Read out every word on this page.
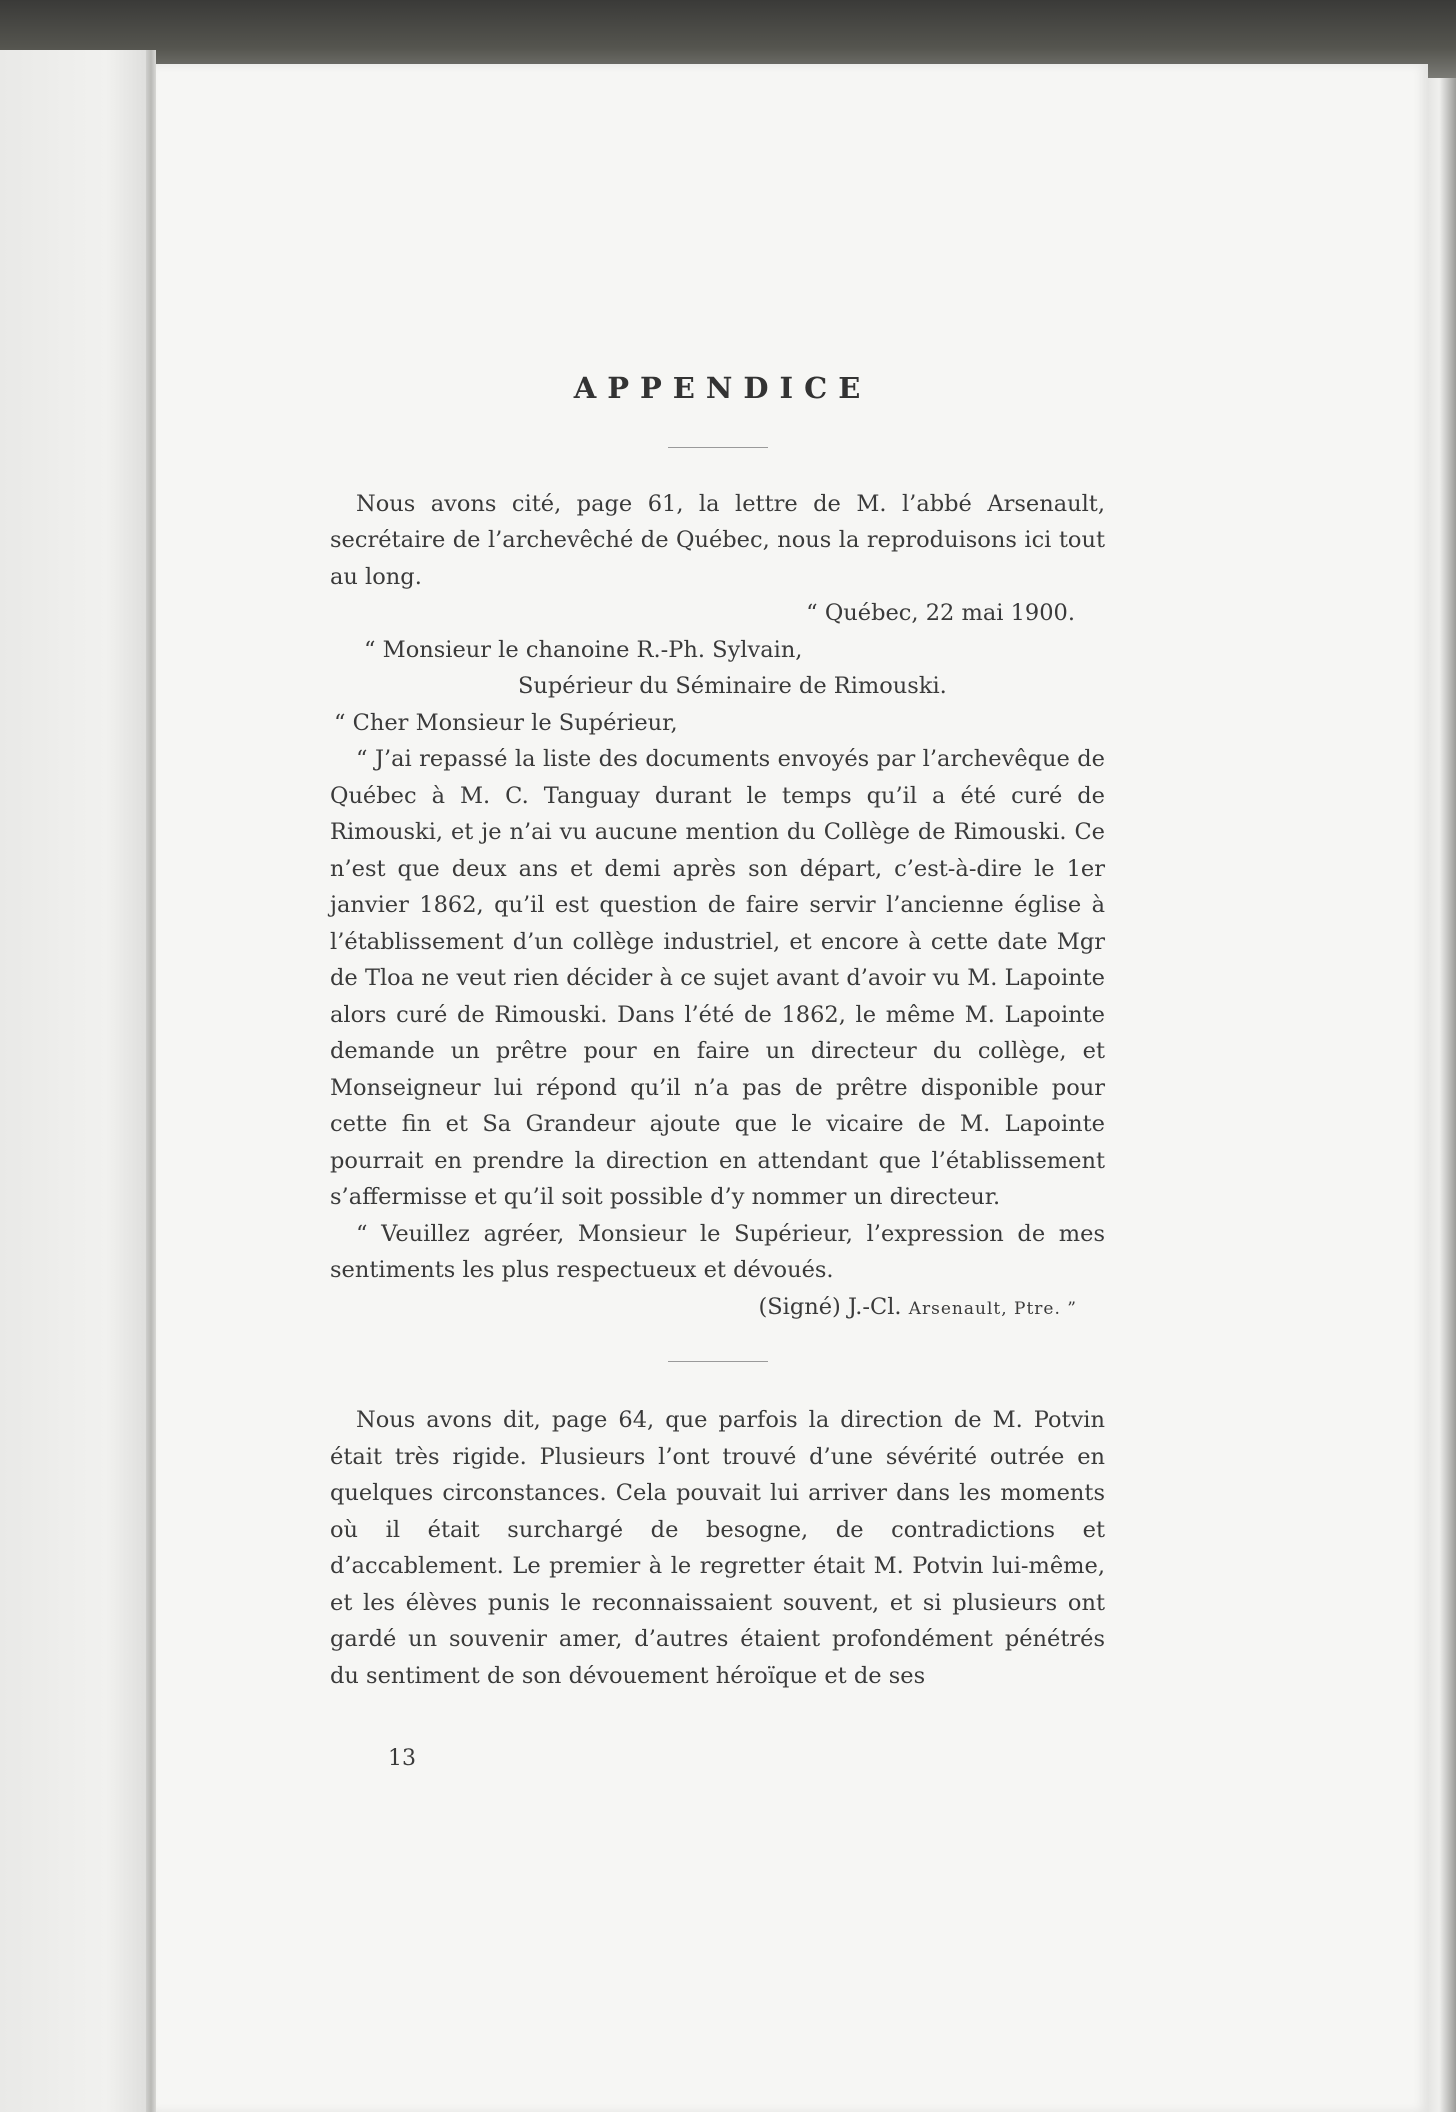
APPENDICE

Nous avons cité, page 61, la lettre de M. l’abbé Arsenault, secrétaire de l’archevêché de Québec, nous la reproduisons ici tout au long.

“ Québec, 22 mai 1900.

“ Monsieur le chanoine R.-Ph. Sylvain,

Supérieur du Séminaire de Rimouski.

“ Cher Monsieur le Supérieur,

“ J’ai repassé la liste des documents envoyés par l’archevêque de Québec à M. C. Tanguay durant le temps qu’il a été curé de Rimouski, et je n’ai vu aucune mention du Collège de Rimouski. Ce n’est que deux ans et demi après son départ, c’est-à-dire le 1er janvier 1862, qu’il est question de faire servir l’ancienne église à l’établissement d’un collège industriel, et encore à cette date Mgr de Tloa ne veut rien décider à ce sujet avant d’avoir vu M. Lapointe alors curé de Rimouski. Dans l’été de 1862, le même M. Lapointe demande un prêtre pour en faire un directeur du collège, et Monseigneur lui répond qu’il n’a pas de prêtre disponible pour cette fin et Sa Grandeur ajoute que le vicaire de M. Lapointe pourrait en prendre la direction en attendant que l’établissement s’affermisse et qu’il soit possible d’y nommer un directeur.

“ Veuillez agréer, Monsieur le Supérieur, l’expression de mes sentiments les plus respectueux et dévoués.

(Signé) J.-Cl. Arsenault, Ptre. ”

Nous avons dit, page 64, que parfois la direction de M. Potvin était très rigide. Plusieurs l’ont trouvé d’une sévérité outrée en quelques circonstances. Cela pouvait lui arriver dans les moments où il était surchargé de besogne, de contradictions et d’accablement. Le premier à le regretter était M. Potvin lui-même, et les élèves punis le reconnaissaient souvent, et si plusieurs ont gardé un souvenir amer, d’autres étaient profondément pénétrés du sentiment de son dévouement héroïque et de ses

13
